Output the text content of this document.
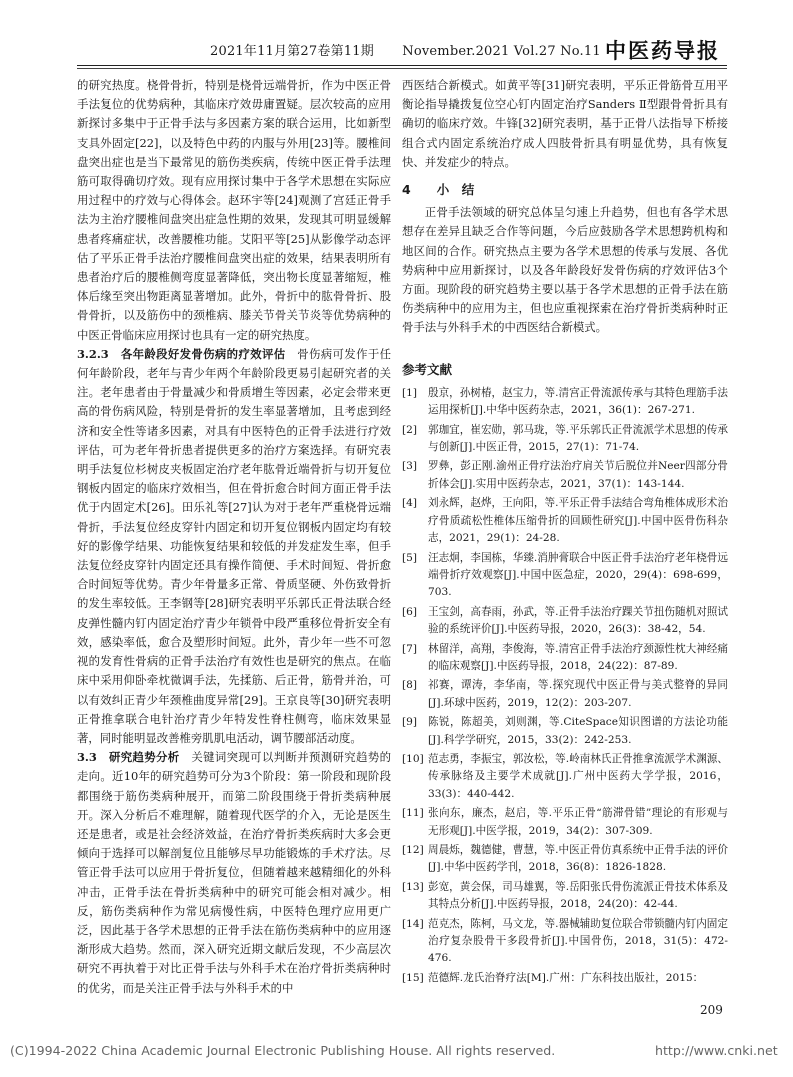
2021年11月第27卷第11期 November.2021 Vol.27 No.11 中医药导报

的研究热度。桡骨骨折，特别是桡骨远端骨折，作为中医正骨手法复位的优势病种，其临床疗效毋庸置疑。层次较高的应用新探讨多集中于正骨手法与多因素方案的联合运用，比如新型支具外固定[22]，以及特色中药的内服与外用[23]等。腰椎间盘突出症也是当下最常见的筋伤类疾病，传统中医正骨手法理筋可取得确切疗效。现有应用探讨集中于各学术思想在实际应用过程中的疗效与心得体会。赵环宇等[24]观测了宫廷正骨手法为主治疗腰椎间盘突出症急性期的效果，发现其可明显缓解患者疼痛症状，改善腰椎功能。艾阳平等[25]从影像学动态评估了平乐正骨手法治疗腰椎间盘突出症的效果，结果表明所有患者治疗后的腰椎侧弯度显著降低，突出物长度显著缩短，椎体后缘至突出物距离显著增加。此外，骨折中的肱骨骨折、股骨骨折，以及筋伤中的颈椎病、膝关节骨关节炎等优势病种的中医正骨临床应用探讨也具有一定的研究热度。

3.2.3　各年龄段好发骨伤病的疗效评估　 骨伤病可发作于任何年龄阶段，老年与青少年两个年龄阶段更易引起研究者的关注。老年患者由于骨量减少和骨质增生等因素，必定会带来更高的骨伤病风险，特别是骨折的发生率显著增加，且考虑到经济和安全性等诸多因素，对具有中医特色的正骨手法进行疗效评估，可为老年骨折患者提供更多的治疗方案选择。有研究表明手法复位杉树皮夹板固定治疗老年肱骨近端骨折与切开复位钢板内固定的临床疗效相当，但在骨折愈合时间方面正骨手法优于内固定术[26]。田乐礼等[27]认为对于老年严重桡骨远端骨折，手法复位经皮穿针内固定和切开复位钢板内固定均有较好的影像学结果、功能恢复结果和较低的并发症发生率，但手法复位经皮穿针内固定还具有操作简便、手术时间短、骨折愈合时间短等优势。青少年骨量多正常、骨质坚硬、外伤致骨折的发生率较低。王李钢等[28]研究表明平乐郭氏正骨法联合经皮弹性髓内钉内固定治疗青少年锁骨中段严重移位骨折安全有效，感染率低，愈合及塑形时间短。此外，青少年一些不可忽视的发育性骨病的正骨手法治疗有效性也是研究的焦点。在临床中采用仰卧牵枕微调手法，先揉筋、后正骨，筋骨并治，可以有效纠正青少年颈椎曲度异常[29]。王京良等[30]研究表明正骨推拿联合电针治疗青少年特发性脊柱侧弯，临床效果显著，同时能明显改善椎旁肌肌电活动，调节腰部活动度。

3.3　研究趋势分析　 关键词突现可以判断并预测研究趋势的走向。近10年的研究趋势可分为3个阶段：第一阶段和现阶段都围绕于筋伤类病种展开，而第二阶段围绕于骨折类病种展开。深入分析后不难理解，随着现代医学的介入，无论是医生还是患者，或是社会经济效益，在治疗骨折类疾病时大多会更倾向于选择可以解剖复位且能够尽早功能锻炼的手术疗法。尽管正骨手法可以应用于骨折复位，但随着越来越精细化的外科冲击，正骨手法在骨折类病种中的研究可能会相对减少。相反，筋伤类病种作为常见病慢性病，中医特色理疗应用更广泛，因此基于各学术思想的正骨手法在筋伤类病种中的应用逐渐形成大趋势。然而，深入研究近期文献后发现，不少高层次研究不再执着于对比正骨手法与外科手术在治疗骨折类病种时的优劣，而是关注正骨手法与外科手术的中

西医结合新模式。如黄平等[31]研究表明，平乐正骨筋骨互用平衡论指导撬拨复位空心钉内固定治疗Sanders Ⅱ型跟骨骨折具有确切的临床疗效。牛锋[32]研究表明，基于正骨八法指导下桥接组合式内固定系统治疗成人四肢骨折具有明显优势，具有恢复快、并发症少的特点。

4 小　结

正骨手法领域的研究总体呈匀速上升趋势，但也有各学术思想存在差异且缺乏合作等问题，今后应鼓励各学术思想跨机构和地区间的合作。研究热点主要为各学术思想的传承与发展、各优势病种中应用新探讨，以及各年龄段好发骨伤病的疗效评估3个方面。现阶段的研究趋势主要以基于各学术思想的正骨手法在筋伤类病种中的应用为主，但也应重视探索在治疗骨折类病种时正骨手法与外科手术的中西医结合新模式。

参考文献
[1] 殷京，孙树椿，赵宝力，等.清宫正骨流派传承与其特色理筋手法运用探析[J].中华中医药杂志，2021，36(1)：267-271.
[2] 郭珈宜，崔宏勋，郭马珑，等.平乐郭氏正骨流派学术思想的传承与创新[J].中医正骨，2015，27(1)：71-74.
[3] 罗彝，彭正刚.渝州正骨疗法治疗肩关节后脱位并Neer四部分骨折体会[J].实用中医药杂志，2021，37(1)：143-144.
[4] 刘永辉，赵烨，王向阳，等.平乐正骨手法结合弯角椎体成形术治疗骨质疏松性椎体压缩骨折的回顾性研究[J].中国中医骨伤科杂志，2021，29(1)：24-28.
[5] 汪志炯，李国栋，华臻.消肿膏联合中医正骨手法治疗老年桡骨远端骨折疗效观察[J].中国中医急症，2020，29(4)：698-699，703.
[6] 王宝剑，高春雨，孙武，等.正骨手法治疗踝关节扭伤随机对照试验的系统评价[J].中医药导报，2020，26(3)：38-42，54.
[7] 林留洋，高翔，李俊海，等.清宫正骨手法治疗颈源性枕大神经痛的临床观察[J].中医药导报，2018，24(22)：87-89.
[8] 祁赛，谭涛，李华南，等.探究现代中医正骨与美式整脊的异同[J].环球中医药，2019，12(2)：203-207.
[9] 陈锐，陈超美，刘则渊，等.CiteSpace知识图谱的方法论功能[J].科学学研究，2015，33(2)：242-253.
[10] 范志勇，李振宝，郭汝松，等.岭南林氏正骨推拿流派学术渊源、传承脉络及主要学术成就[J].广州中医药大学学报，2016，33(3)：440-442.
[11] 张向东，廉杰，赵启，等.平乐正骨“筋滞骨错”理论的有形观与无形观[J].中医学报，2019，34(2)：307-309.
[12] 周晨烁，魏德健，曹慧，等.中医正骨仿真系统中正骨手法的评价[J].中华中医药学刊，2018，36(8)：1826-1828.
[13] 彭宽，黄会保，司马雄翼，等.岳阳张氏骨伤流派正骨技术体系及其特点分析[J].中医药导报，2018，24(20)：42-44.
[14] 范克杰，陈柯，马文龙，等.器械辅助复位联合带锁髓内钉内固定治疗复杂股骨干多段骨折[J].中国骨伤，2018，31(5)：472-476.
[15] 范德辉.龙氏治脊疗法[M].广州：广东科技出版社，2015：
209
(C)1994-2022 China Academic Journal Electronic Publishing House. All rights reserved.	http://www.cnki.net
